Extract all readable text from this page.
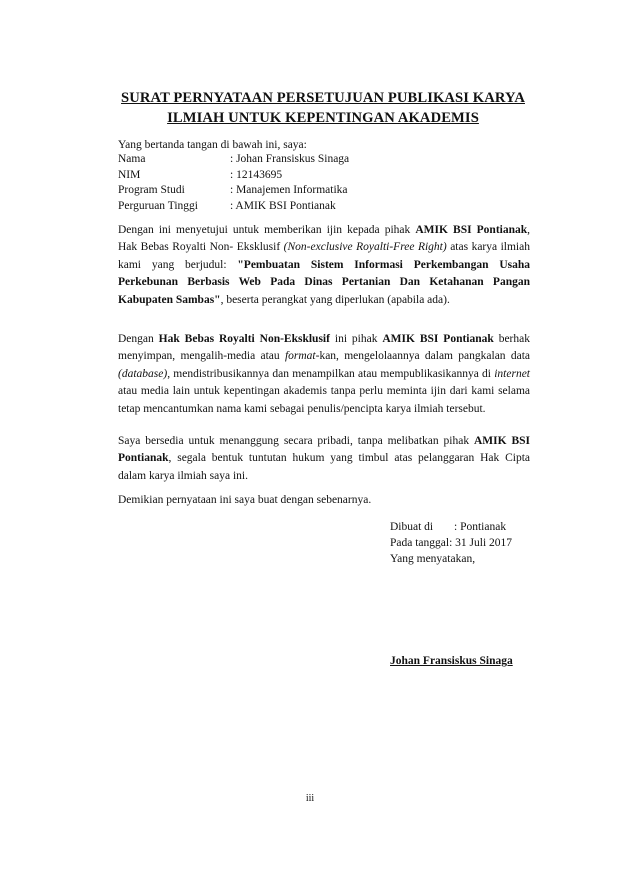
SURAT PERNYATAAN PERSETUJUAN PUBLIKASI KARYA
ILMIAH UNTUK KEPENTINGAN AKADEMIS
Yang bertanda tangan di bawah ini, saya:
Nama	: Johan Fransiskus Sinaga
NIM	: 12143695
Program Studi	: Manajemen Informatika
Perguruan Tinggi	: AMIK BSI Pontianak
Dengan ini menyetujui untuk memberikan ijin kepada pihak AMIK BSI Pontianak, Hak Bebas Royalti Non- Eksklusif (Non-exclusive Royalti-Free Right) atas karya ilmiah kami yang berjudul: "Pembuatan Sistem Informasi Perkembangan Usaha Perkebunan Berbasis Web Pada Dinas Pertanian Dan Ketahanan Pangan Kabupaten Sambas", beserta perangkat yang diperlukan (apabila ada).
Dengan Hak Bebas Royalti Non-Eksklusif ini pihak AMIK BSI Pontianak berhak menyimpan, mengalih-media atau format-kan, mengelolaannya dalam pangkalan data (database), mendistribusikannya dan menampilkan atau mempublikasikannya di internet atau media lain untuk kepentingan akademis tanpa perlu meminta ijin dari kami selama tetap mencantumkan nama kami sebagai penulis/pencipta karya ilmiah tersebut.
Saya bersedia untuk menanggung secara pribadi, tanpa melibatkan pihak AMIK BSI Pontianak, segala bentuk tuntutan hukum yang timbul atas pelanggaran Hak Cipta dalam karya ilmiah saya ini.
Demikian pernyataan ini saya buat dengan sebenarnya.
Dibuat di	: Pontianak
Pada tanggal: 31 Juli 2017
Yang menyatakan,
Johan Fransiskus Sinaga
iii
